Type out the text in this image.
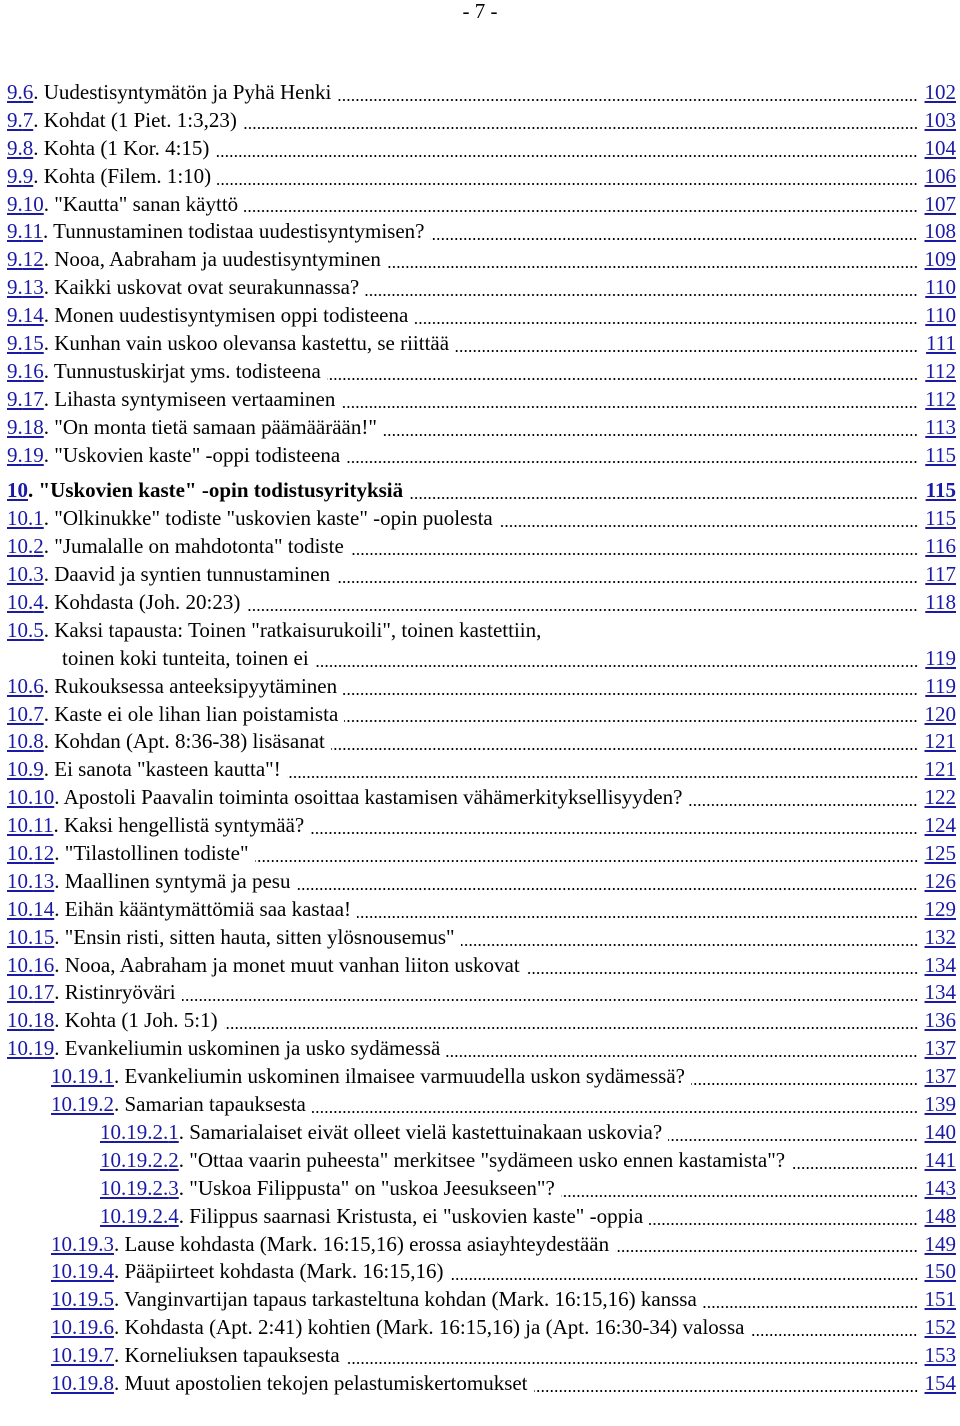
- 7 -
9.6 . Uudestisyntymätön ja Pyhä Henki	102
9.7 . Kohdat (1 Piet. 1:3,23)	103
9.8 . Kohta (1 Kor. 4:15)	104
9.9 . Kohta (Filem. 1:10)	106
9.10 . "Kautta" sanan käyttö	107
9.11 . Tunnustaminen todistaa uudestisyntymisen?	108
9.12 . Nooa, Aabraham ja uudestisyntyminen	109
9.13 . Kaikki uskovat ovat seurakunnassa?	110
9.14 . Monen uudestisyntymisen oppi todisteena	110
9.15 . Kunhan vain uskoo olevansa kastettu, se riittää	111
9.16 . Tunnustuskirjat yms. todisteena	112
9.17 . Lihasta syntymiseen vertaaminen	112
9.18 . "On monta tietä samaan päämäärään!"	113
9.19 . "Uskovien kaste" -oppi todisteena	115
10 . "Uskovien kaste" -opin todistusyrityksiä	115
10.1 . "Olkinukke" todiste "uskovien kaste" -opin puolesta	115
10.2 . "Jumalalle on mahdotonta" todiste	116
10.3 . Daavid ja syntien tunnustaminen	117
10.4 . Kohdasta (Joh. 20:23)	118
10.5. Kaksi tapausta: Toinen "ratkaisurukoili", toinen kastettiin,
toinen koki tunteita, toinen ei	119
10.6 . Rukouksessa anteeksipyytäminen	119
10.7 . Kaste ei ole lihan lian poistamista	120
10.8 . Kohdan (Apt. 8:36-38) lisäsanat	121
10.9 . Ei sanota "kasteen kautta"!	121
10.10 . Apostoli Paavalin toiminta osoittaa kastamisen vähämerkityksellisyyden?	122
10.11 . Kaksi hengellistä syntymää?	124
10.12 . "Tilastollinen todiste"	125
10.13 . Maallinen syntymä ja pesu	126
10.14 . Eihän kääntymättömiä saa kastaa!	129
10.15 . "Ensin risti, sitten hauta, sitten ylösnousemus"	132
10.16 . Nooa, Aabraham ja monet muut vanhan liiton uskovat	134
10.17 . Ristinryöväri	134
10.18 . Kohta (1 Joh. 5:1)	136
10.19 . Evankeliumin uskominen ja usko sydämessä	137
10.19.1 . Evankeliumin uskominen ilmaisee varmuudella uskon sydämessä?	137
10.19.2 . Samarian tapauksesta	139
10.19.2.1 . Samarialaiset eivät olleet vielä kastettuinakaan uskovia?	140
10.19.2.2 . "Ottaa vaarin puheesta" merkitsee "sydämeen usko ennen kastamista"?	141
10.19.2.3 . "Uskoa Filippusta" on "uskoa Jeesukseen"?	143
10.19.2.4 . Filippus saarnasi Kristusta, ei "uskovien kaste" -oppia	148
10.19.3 . Lause kohdasta (Mark. 16:15,16) erossa asiayhteydestään	149
10.19.4 . Pääpiirteet kohdasta (Mark. 16:15,16)	150
10.19.5 . Vanginvartijan tapaus tarkasteltuna kohdan (Mark. 16:15,16) kanssa	151
10.19.6 . Kohdasta (Apt. 2:41) kohtien (Mark. 16:15,16) ja (Apt. 16:30-34) valossa	152
10.19.7 . Korneliuksen tapauksesta	153
10.19.8 . Muut apostolien tekojen pelastumiskertomukset	154
